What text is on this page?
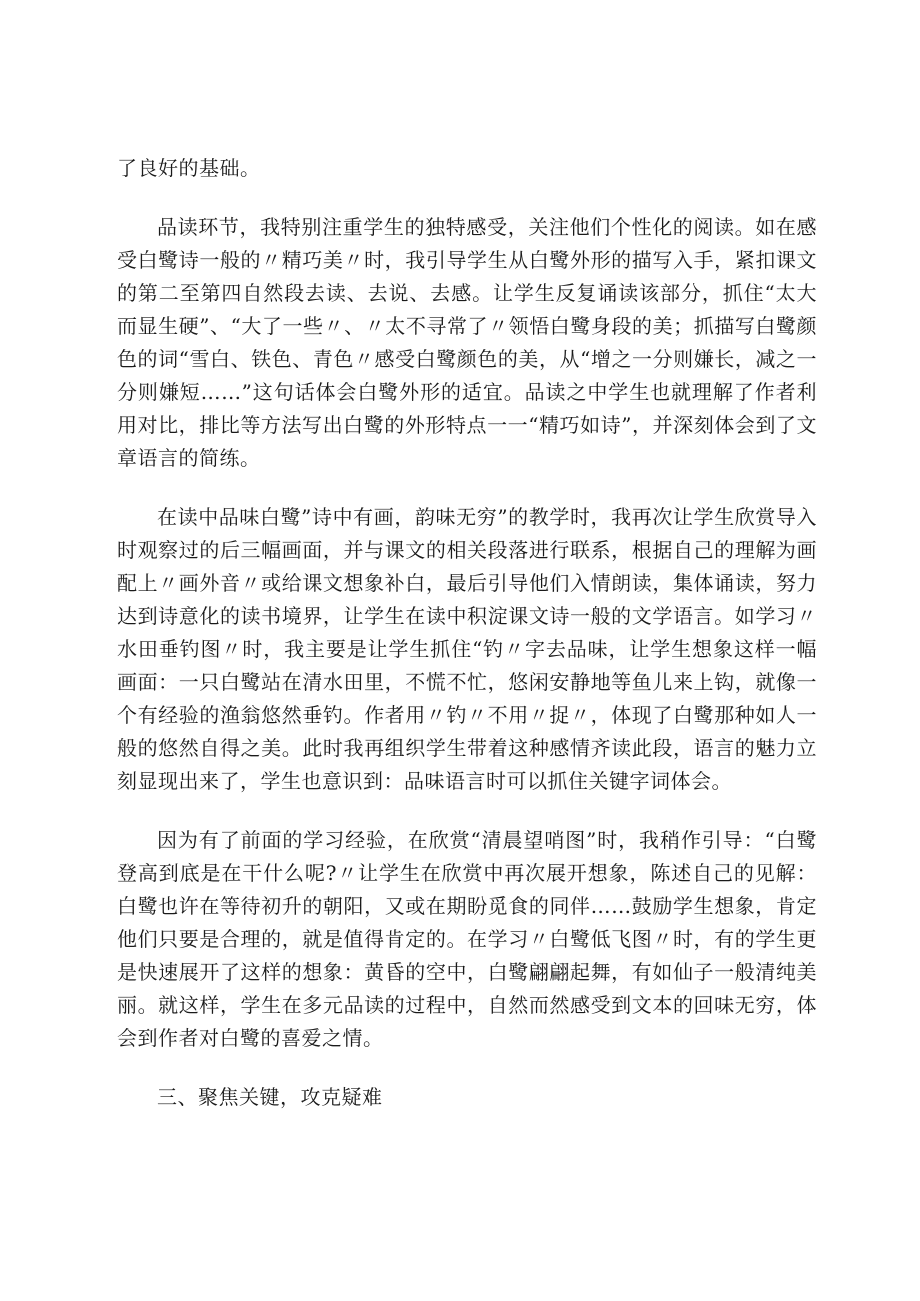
了良好的基础。

品读环节，我特别注重学生的独特感受，关注他们个性化的阅读。如在感受白鹭诗一般的〃精巧美〃时，我引导学生从白鹭外形的描写入手，紧扣课文的第二至第四自然段去读、去说、去感。让学生反复诵读该部分，抓住“太大而显生硬”、“大了一些〃、〃太不寻常了〃领悟白鹭身段的美；抓描写白鹭颜色的词“雪白、铁色、青色〃感受白鹭颜色的美，从“增之一分则嫌长，减之一分则嫌短……”这句话体会白鹭外形的适宜。品读之中学生也就理解了作者利用对比，排比等方法写出白鹭的外形特点一一“精巧如诗”，并深刻体会到了文章语言的简练。

在读中品味白鹭”诗中有画，韵味无穷”的教学时，我再次让学生欣赏导入时观察过的后三幅画面，并与课文的相关段落进行联系，根据自己的理解为画配上〃画外音〃或给课文想象补白，最后引导他们入情朗读，集体诵读，努力达到诗意化的读书境界，让学生在读中积淀课文诗一般的文学语言。如学习〃水田垂钓图〃时，我主要是让学生抓住“钓〃字去品味，让学生想象这样一幅画面：一只白鹭站在清水田里，不慌不忙，悠闲安静地等鱼儿来上钩，就像一个有经验的渔翁悠然垂钓。作者用〃钓〃不用〃捉〃，体现了白鹭那种如人一般的悠然自得之美。此时我再组织学生带着这种感情齐读此段，语言的魅力立刻显现出来了，学生也意识到：品味语言时可以抓住关键字词体会。

因为有了前面的学习经验，在欣赏“清晨望哨图”时，我稍作引导：“白鹭登高到底是在干什么呢?〃让学生在欣赏中再次展开想象，陈述自己的见解：白鹭也许在等待初升的朝阳，又或在期盼觅食的同伴……鼓励学生想象，肯定他们只要是合理的，就是值得肯定的。在学习〃白鹭低飞图〃时，有的学生更是快速展开了这样的想象：黄昏的空中，白鹭翩翩起舞，有如仙子一般清纯美丽。就这样，学生在多元品读的过程中，自然而然感受到文本的回味无穷，体会到作者对白鹭的喜爱之情。

三、聚焦关键，攻克疑难
